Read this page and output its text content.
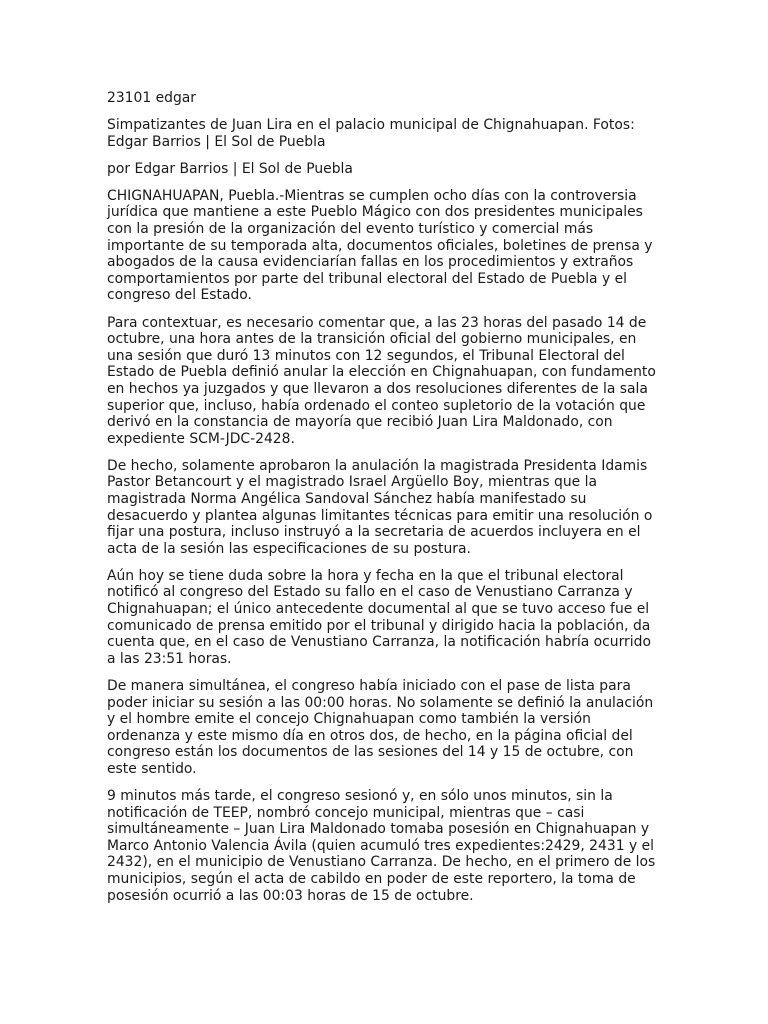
23101 edgar

Simpatizantes de Juan Lira en el palacio municipal de Chignahuapan. Fotos: Edgar Barrios | El Sol de Puebla

por Edgar Barrios | El Sol de Puebla

CHIGNAHUAPAN, Puebla.-Mientras se cumplen ocho días con la controversia jurídica que mantiene a este Pueblo Mágico con dos presidentes municipales con la presión de la organización del evento turístico y comercial más importante de su temporada alta, documentos oficiales, boletines de prensa y abogados de la causa evidenciarían fallas en los procedimientos y extraños comportamientos por parte del tribunal electoral del Estado de Puebla y el congreso del Estado.

Para contextuar, es necesario comentar que, a las 23 horas del pasado 14 de octubre, una hora antes de la transición oficial del gobierno municipales, en una sesión que duró 13 minutos con 12 segundos, el Tribunal Electoral del Estado de Puebla definió anular la elección en Chignahuapan, con fundamento en hechos ya juzgados y que llevaron a dos resoluciones diferentes de la sala superior que, incluso, había ordenado el conteo supletorio de la votación que derivó en la constancia de mayoría que recibió Juan Lira Maldonado, con expediente SCM-JDC-2428.

De hecho, solamente aprobaron la anulación la magistrada Presidenta Idamis Pastor Betancourt y el magistrado Israel Argüello Boy, mientras que la magistrada Norma Angélica Sandoval Sánchez había manifestado su desacuerdo y plantea algunas limitantes técnicas para emitir una resolución o fijar una postura, incluso instruyó a la secretaria de acuerdos incluyera en el acta de la sesión las especificaciones de su postura.

Aún hoy se tiene duda sobre la hora y fecha en la que el tribunal electoral notificó al congreso del Estado su fallo en el caso de Venustiano Carranza y Chignahuapan; el único antecedente documental al que se tuvo acceso fue el comunicado de prensa emitido por el tribunal y dirigido hacia la población, da cuenta que, en el caso de Venustiano Carranza, la notificación habría ocurrido a las 23:51 horas.

De manera simultánea, el congreso había iniciado con el pase de lista para poder iniciar su sesión a las 00:00 horas. No solamente se definió la anulación y el hombre emite el concejo Chignahuapan como también la versión ordenanza y este mismo día en otros dos, de hecho, en la página oficial del congreso están los documentos de las sesiones del 14 y 15 de octubre, con este sentido.

9 minutos más tarde, el congreso sesionó y, en sólo unos minutos, sin la notificación de TEEP, nombró concejo municipal, mientras que – casi simultáneamente – Juan Lira Maldonado tomaba posesión en Chignahuapan y Marco Antonio Valencia Ávila (quien acumuló tres expedientes:2429, 2431 y el 2432), en el municipio de Venustiano Carranza. De hecho, en el primero de los municipios, según el acta de cabildo en poder de este reportero, la toma de posesión ocurrió a las 00:03 horas de 15 de octubre.
